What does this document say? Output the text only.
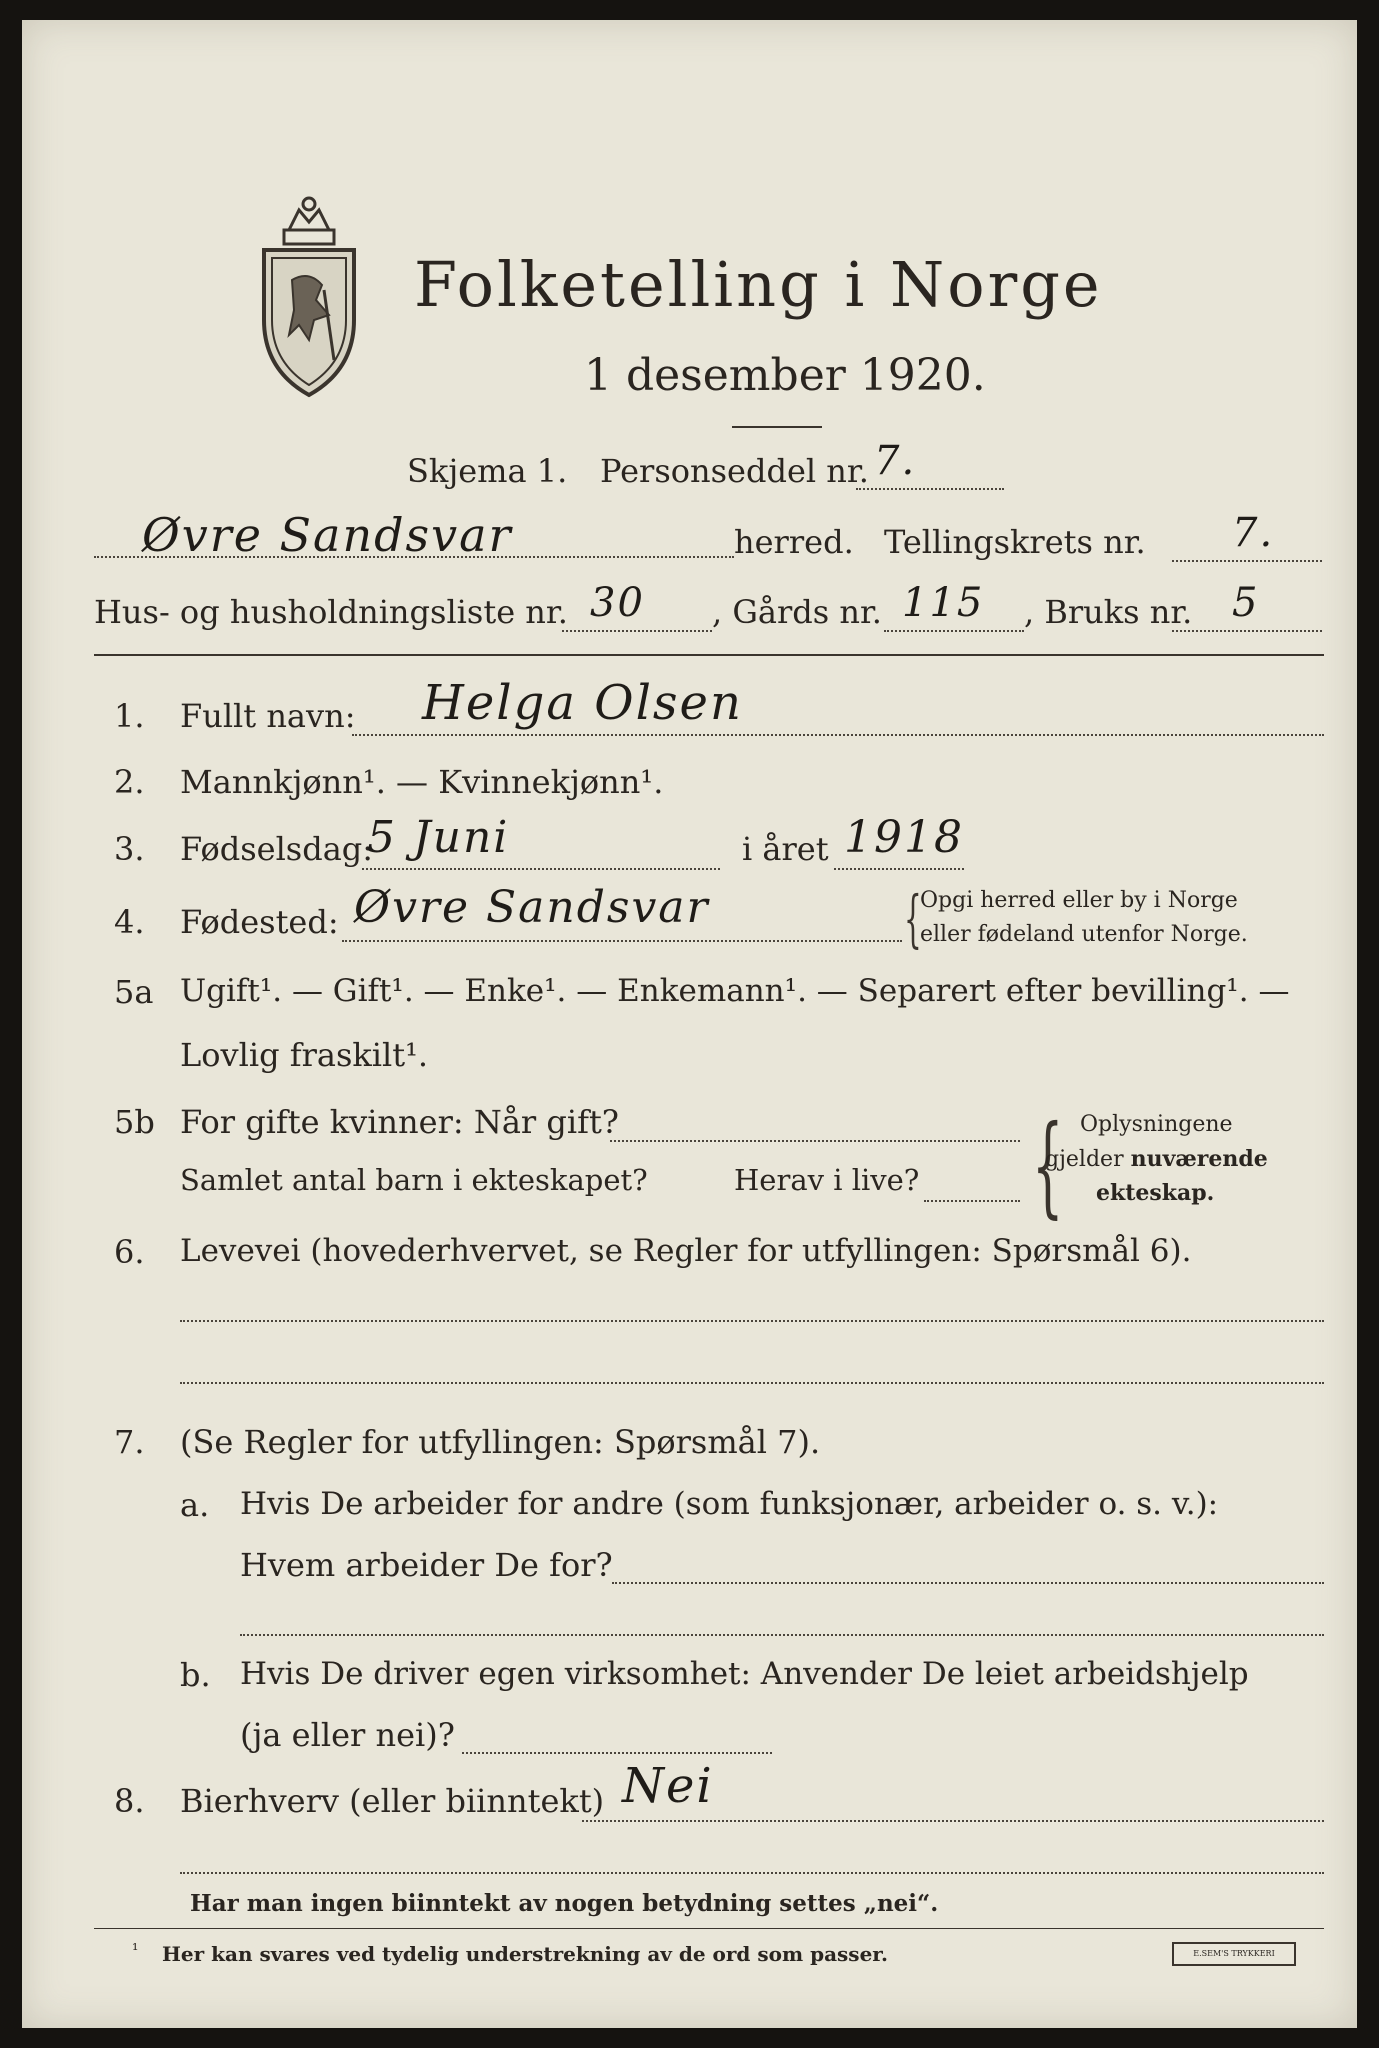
Folketelling i Norge
1 desember 1920.
Skjema 1. Personseddel nr. 7.
Øvre Sandsvar	herred. Tellingskrets nr. 7.
Hus- og husholdningsliste nr. 30 , Gårds nr. 115 , Bruks nr. 5
1. Fullt navn: Helga Olsen
2. Mannkjønn¹. — Kvinnekjønn¹.
3. Fødselsdag:
5 Juni	i året 1918
4. Fødested: Øvre Sandsvar	{
Opgi herred eller by i Norge
eller fødeland utenfor Norge.
5a Ugift¹. — Gift¹. — Enke¹. — Enkemann¹. — Separert efter bevilling¹. —
Lovlig fraskilt¹.
5b For gifte kvinner: Når gift?
Samlet antal barn i ekteskapet?	Herav i live? { Oplysningene
gjelder nuværende
ekteskap.
6. Levevei (hovederhvervet, se Regler for utfyllingen: Spørsmål 6).
7. (Se Regler for utfyllingen: Spørsmål 7).
a. Hvis De arbeider for andre (som funksjonær, arbeider o. s. v.):
Hvem arbeider De for?
b. Hvis De driver egen virksomhet: Anvender De leiet arbeidshjelp
(ja eller nei)?
8. Bierhverv (eller biinntekt) Nei
Har man ingen biinntekt av nogen betydning settes „nei“.
¹ Her kan svares ved tydelig understrekning av de ord som passer.	E.SEM'S TRYKKERI
